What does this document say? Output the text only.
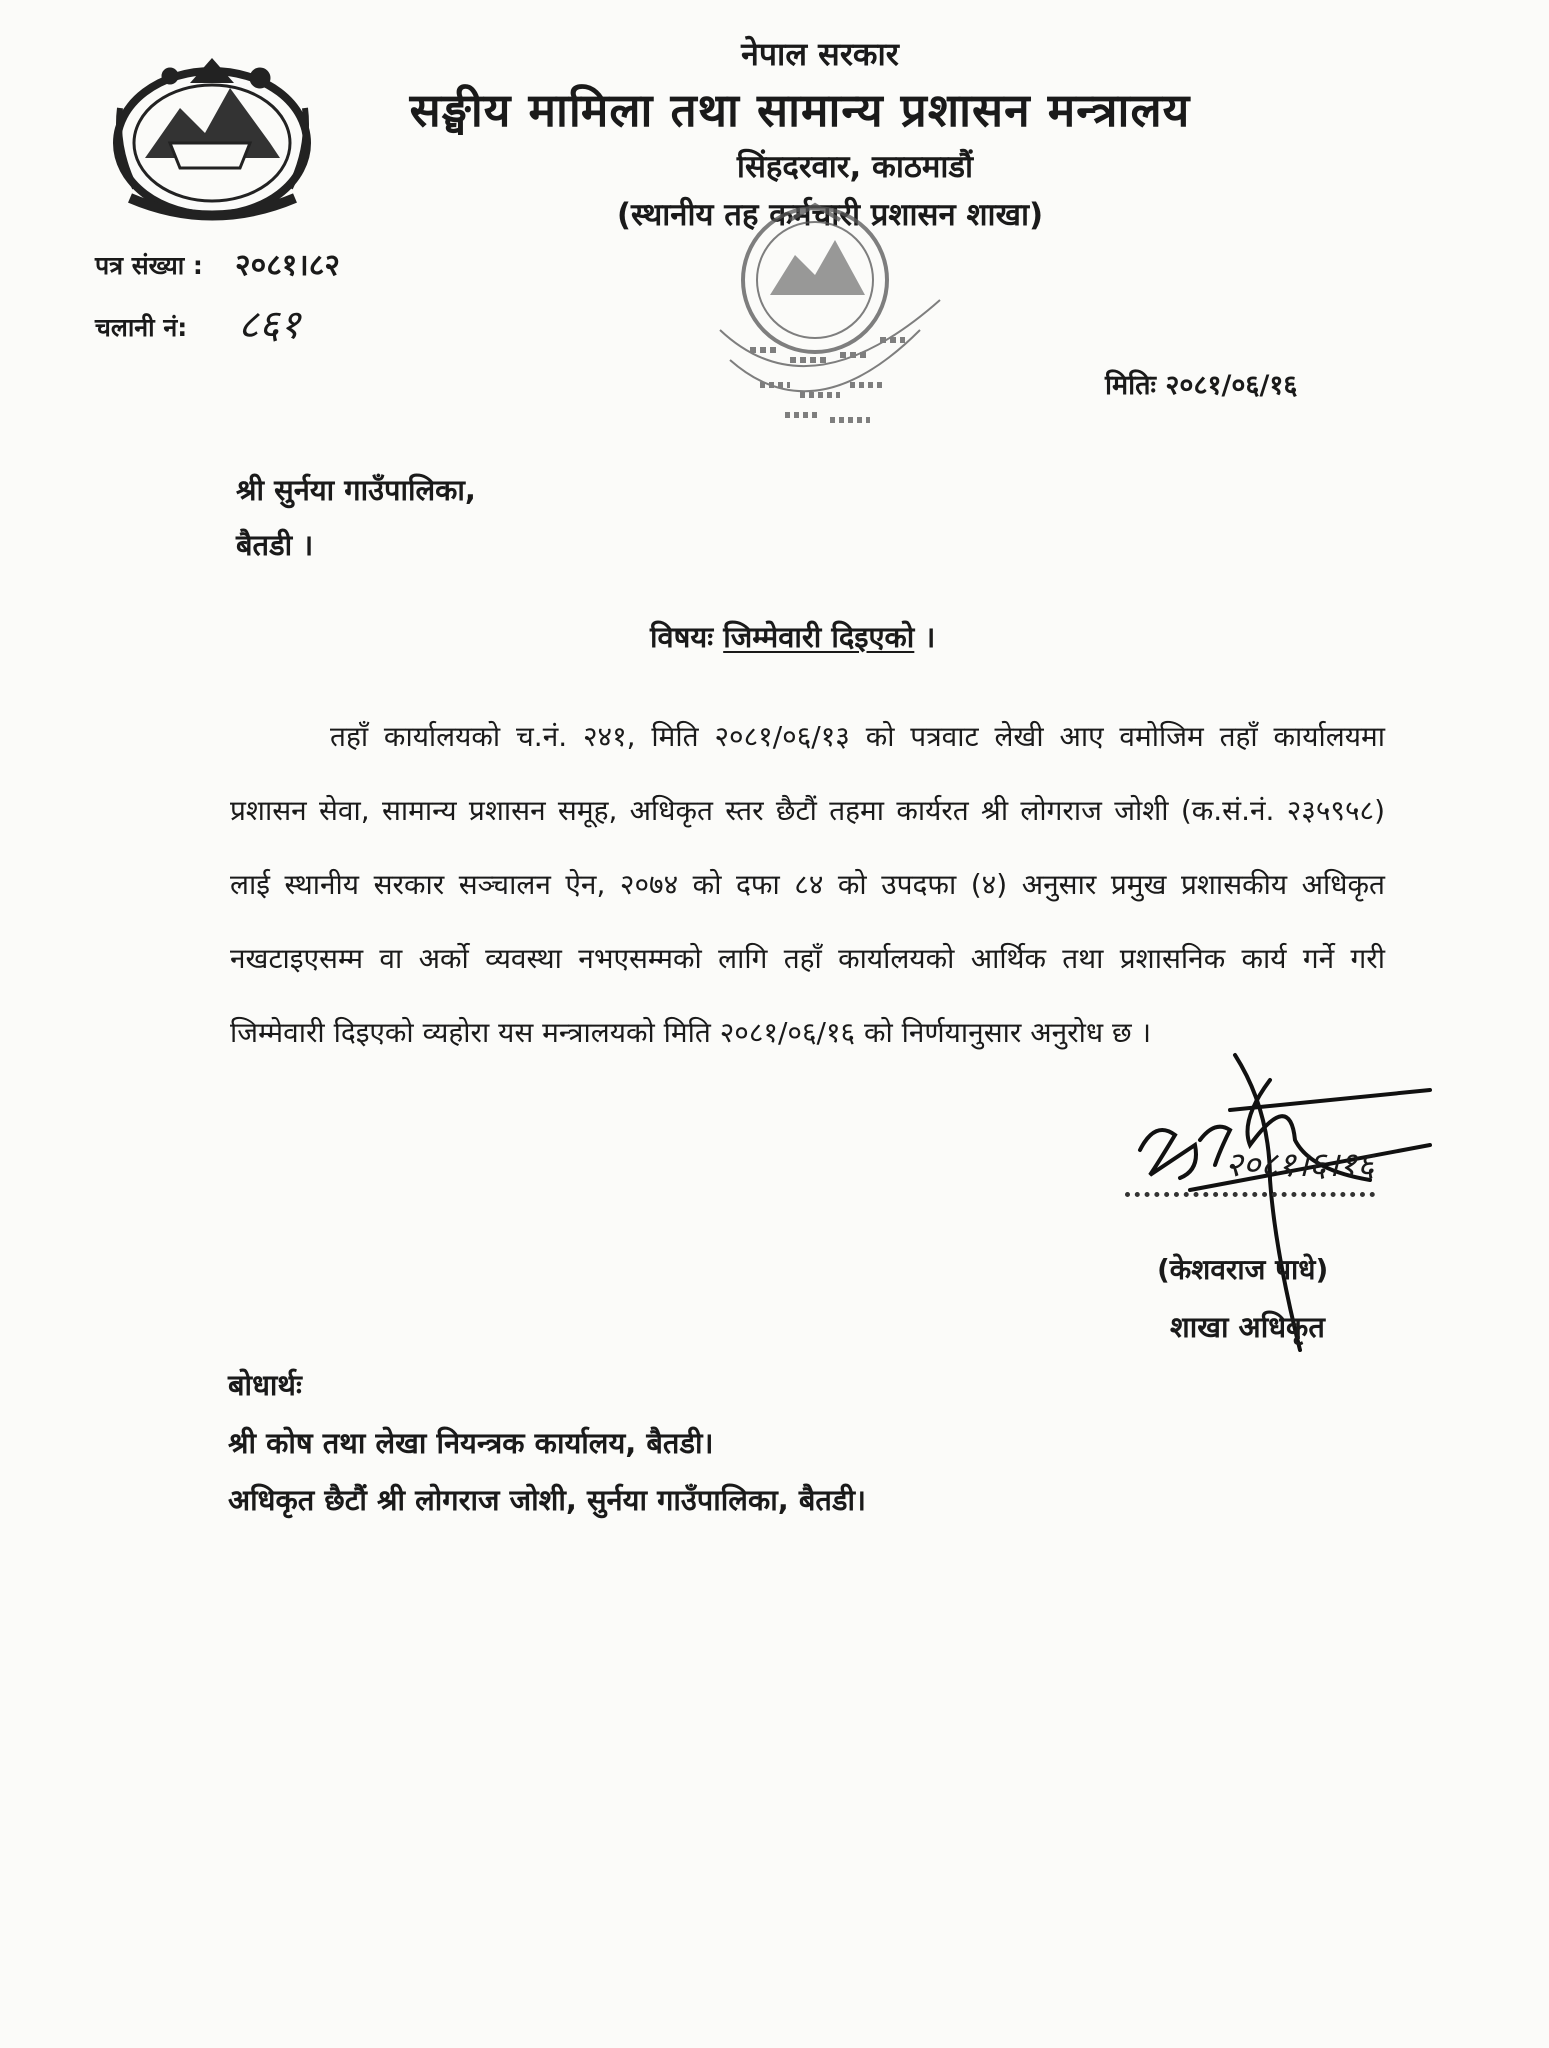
नेपाल सरकार
सङ्घीय मामिला तथा सामान्य प्रशासन मन्त्रालय
सिंहदरवार, काठमाडौं
(स्थानीय तह कर्मचारी प्रशासन शाखा)
पत्र संख्या : २०८१।८२
चलानी नं: ८६१
मितिः २०८१/०६/१६
श्री सुर्नया गाउँपालिका,
बैतडी ।
विषयः जिम्मेवारी दिइएको ।
तहाँ कार्यालयको च.नं. २४१, मिति २०८१/०६/१३ को पत्रवाट लेखी आए वमोजिम तहाँ कार्यालयमा प्रशासन सेवा, सामान्य प्रशासन समूह, अधिकृत स्तर छैटौं तहमा कार्यरत श्री लोगराज जोशी (क.सं.नं. २३५९५८) लाई स्थानीय सरकार सञ्चालन ऐन, २०७४ को दफा ८४ को उपदफा (४) अनुसार प्रमुख प्रशासकीय अधिकृत नखटाइएसम्म वा अर्को व्यवस्था नभएसम्मको लागि तहाँ कार्यालयको आर्थिक तथा प्रशासनिक कार्य गर्ने गरी जिम्मेवारी दिइएको व्यहोरा यस मन्त्रालयको मिति २०८१/०६/१६ को निर्णयानुसार अनुरोध छ ।
२०८१।६।१६
(केशवराज पाधे)
शाखा अधिकृत
बोधार्थः
श्री कोष तथा लेखा नियन्त्रक कार्यालय, बैतडी।
अधिकृत छैटौं श्री लोगराज जोशी, सुर्नया गाउँपालिका, बैतडी।
